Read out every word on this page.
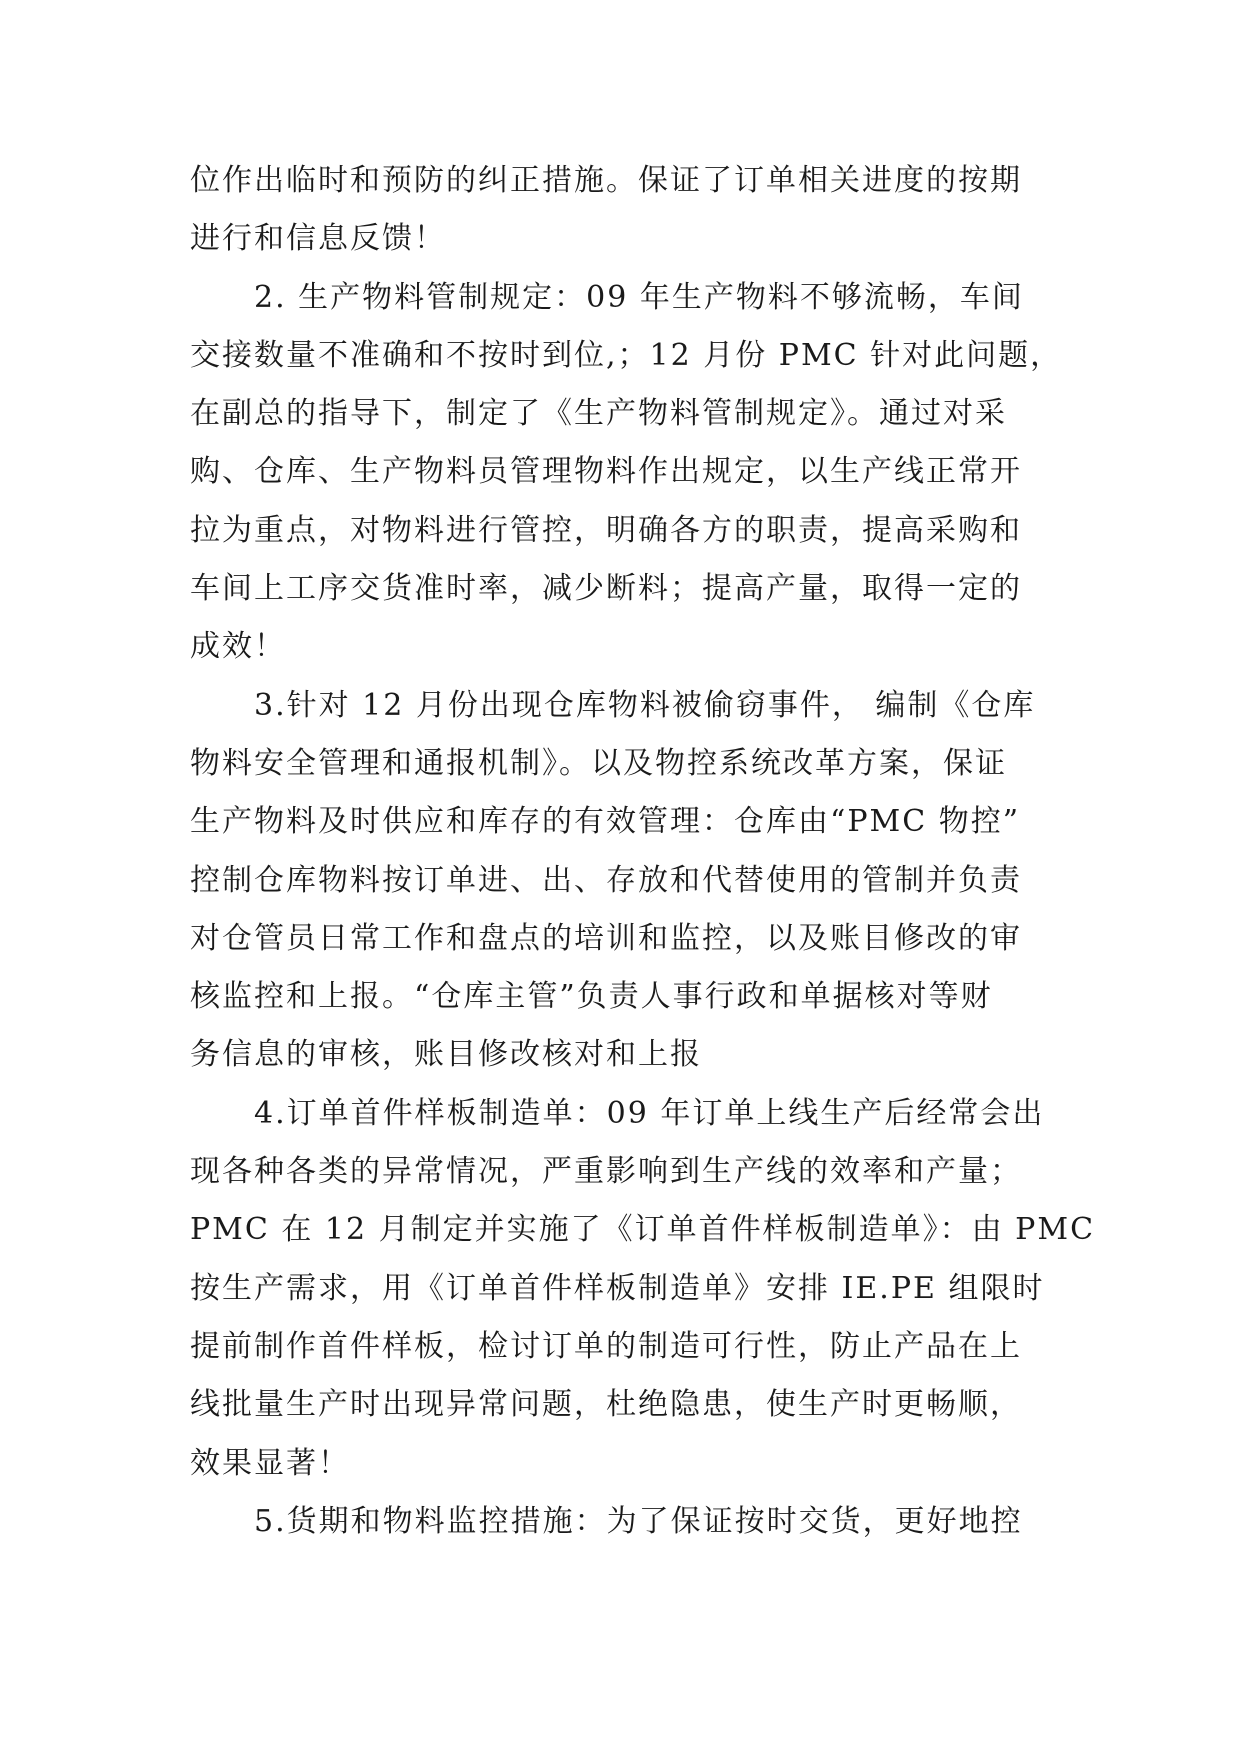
位作出临时和预防的纠正措施。保证了订单相关进度的按期
进行和信息反馈！
2. 生产物料管制规定：09 年生产物料不够流畅，车间
交接数量不准确和不按时到位,；12 月份 PMC 针对此问题，
在副总的指导下，制定了《生产物料管制规定》。通过对采
购、仓库、生产物料员管理物料作出规定，以生产线正常开
拉为重点，对物料进行管控，明确各方的职责，提高采购和
车间上工序交货准时率，减少断料；提高产量，取得一定的
成效！
3.针对 12 月份出现仓库物料被偷窃事件， 编制《仓库
物料安全管理和通报机制》。以及物控系统改革方案，保证
生产物料及时供应和库存的有效管理：仓库由“PMC 物控”
控制仓库物料按订单进、出、存放和代替使用的管制并负责
对仓管员日常工作和盘点的培训和监控，以及账目修改的审
核监控和上报。“仓库主管”负责人事行政和单据核对等财
务信息的审核，账目修改核对和上报
4.订单首件样板制造单：09 年订单上线生产后经常会出
现各种各类的异常情况，严重影响到生产线的效率和产量；
PMC 在 12 月制定并实施了《订单首件样板制造单》：由 PMC
按生产需求，用《订单首件样板制造单》安排 IE.PE 组限时
提前制作首件样板，检讨订单的制造可行性，防止产品在上
线批量生产时出现异常问题，杜绝隐患，使生产时更畅顺，
效果显著！
5.货期和物料监控措施：为了保证按时交货，更好地控
